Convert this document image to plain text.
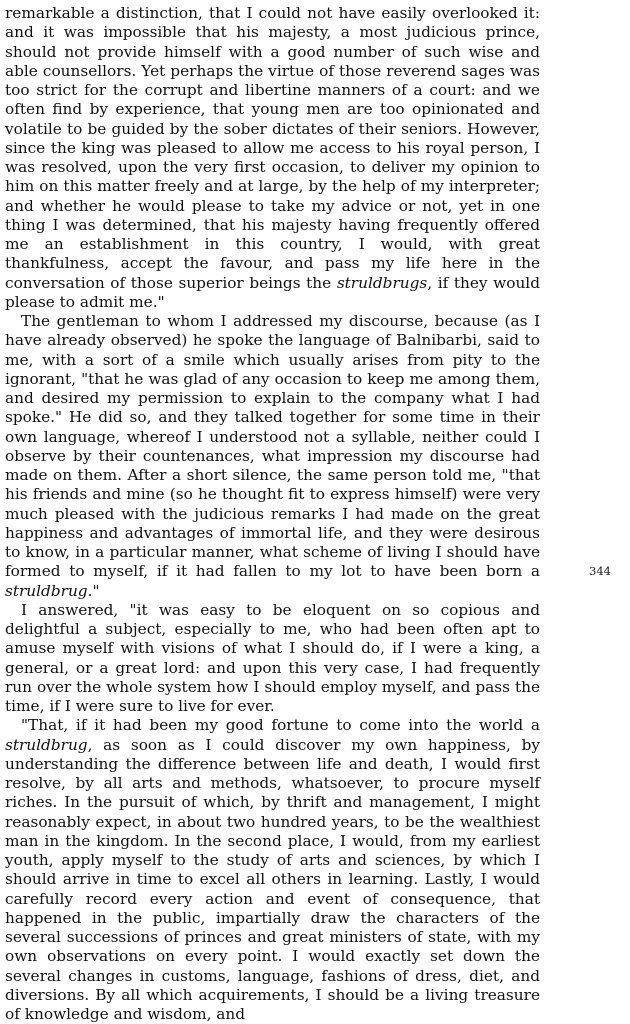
remarkable a distinction, that I could not have easily overlooked it: and it was impossible that his majesty, a most judicious prince, should not provide himself with a good number of such wise and able counsellors. Yet perhaps the virtue of those reverend sages was too strict for the corrupt and libertine manners of a court: and we often find by experience, that young men are too opinionated and volatile to be guided by the sober dictates of their seniors. However, since the king was pleased to allow me access to his royal person, I was resolved, upon the very first occasion, to deliver my opinion to him on this matter freely and at large, by the help of my interpreter; and whether he would please to take my advice or not, yet in one thing I was determined, that his majesty having frequently offered me an establishment in this country, I would, with great thankfulness, accept the favour, and pass my life here in the conversation of those superior beings the struldbrugs, if they would please to admit me."

The gentleman to whom I addressed my discourse, because (as I have already observed) he spoke the language of Balnibarbi, said to me, with a sort of a smile which usually arises from pity to the ignorant, "that he was glad of any occasion to keep me among them, and desired my permission to explain to the company what I had spoke." He did so, and they talked together for some time in their own language, whereof I understood not a syllable, neither could I observe by their countenances, what impression my discourse had made on them. After a short silence, the same person told me, "that his friends and mine (so he thought fit to express himself) were very much pleased with the judicious remarks I had made on the great happiness and advantages of immortal life, and they were desirous to know, in a particular manner, what scheme of living I should have formed to myself, if it had fallen to my lot to have been born a struldbrug."

I answered, "it was easy to be eloquent on so copious and delightful a subject, especially to me, who had been often apt to amuse myself with visions of what I should do, if I were a king, a general, or a great lord: and upon this very case, I had frequently run over the whole system how I should employ myself, and pass the time, if I were sure to live for ever.

"That, if it had been my good fortune to come into the world a struldbrug, as soon as I could discover my own happiness, by understanding the difference between life and death, I would first resolve, by all arts and methods, whatsoever, to procure myself riches. In the pursuit of which, by thrift and management, I might reasonably expect, in about two hundred years, to be the wealthiest man in the kingdom. In the second place, I would, from my earliest youth, apply myself to the study of arts and sciences, by which I should arrive in time to excel all others in learning. Lastly, I would carefully record every action and event of consequence, that happened in the public, impartially draw the characters of the several successions of princes and great ministers of state, with my own observations on every point. I would exactly set down the several changes in customs, language, fashions of dress, diet, and diversions. By all which acquirements, I should be a living treasure of knowledge and wisdom, and

344
